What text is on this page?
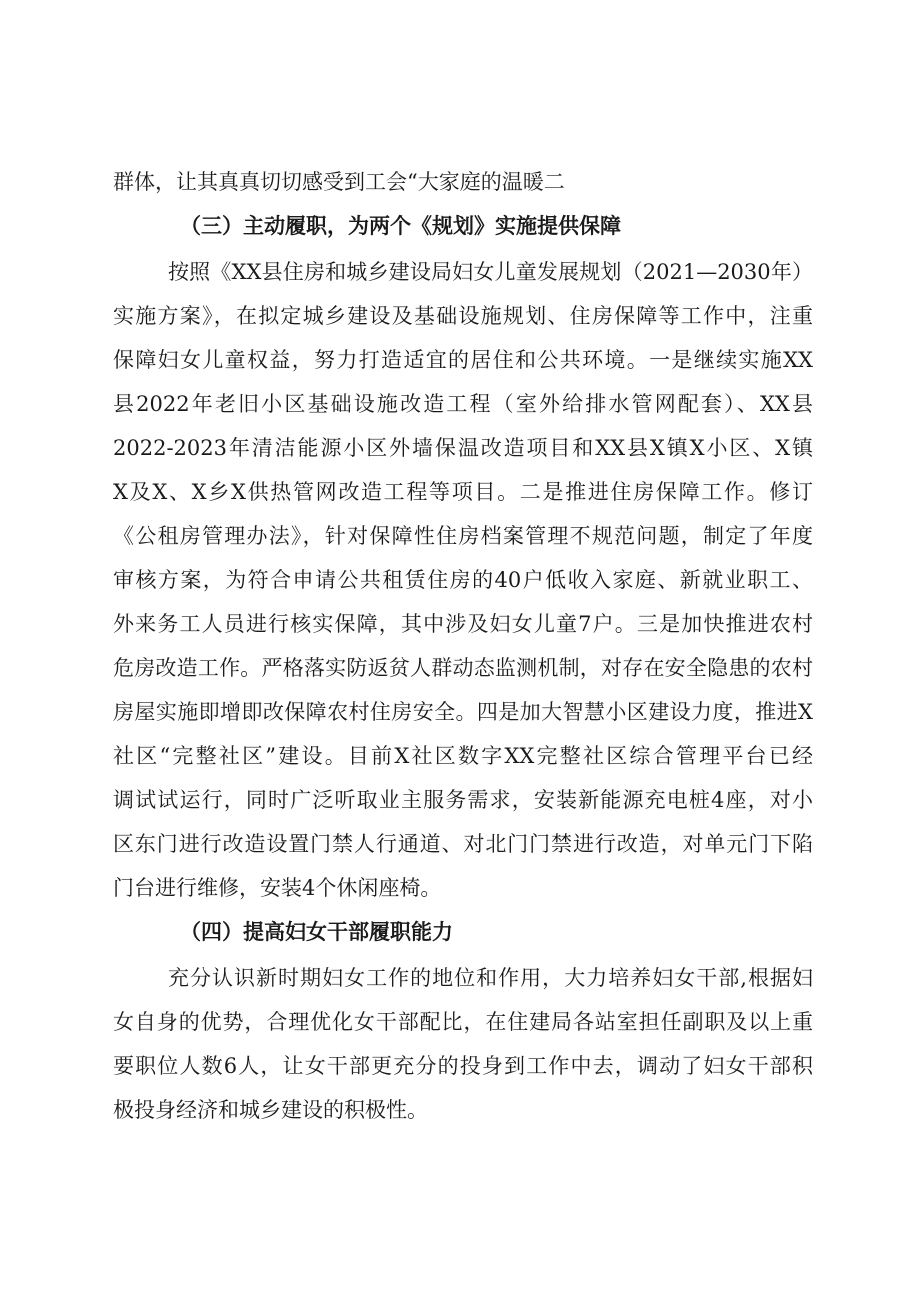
群体，让其真真切切感受到工会“大家庭的温暖二
（三）主动履职，为两个《规划》实施提供保障
按照《XX县住房和城乡建设局妇女儿童发展规划（2021—2030年）
实施方案》，在拟定城乡建设及基础设施规划、住房保障等工作中，注重
保障妇女儿童权益，努力打造适宜的居住和公共环境。一是继续实施XX
县2022年老旧小区基础设施改造工程（室外给排水管网配套）、XX县
2022-2023年清洁能源小区外墙保温改造项目和XX县X镇X小区、X镇
X及X、X乡X供热管网改造工程等项目。二是推进住房保障工作。修订
《公租房管理办法》，针对保障性住房档案管理不规范问题，制定了年度
审核方案，为符合申请公共租赁住房的40户低收入家庭、新就业职工、
外来务工人员进行核实保障，其中涉及妇女儿童7户。三是加快推进农村
危房改造工作。严格落实防返贫人群动态监测机制，对存在安全隐患的农村
房屋实施即增即改保障农村住房安全。四是加大智慧小区建设力度，推进X
社区“完整社区”建设。目前X社区数字XX完整社区综合管理平台已经
调试试运行，同时广泛听取业主服务需求，安装新能源充电桩4座，对小
区东门进行改造设置门禁人行通道、对北门门禁进行改造，对单元门下陷
门台进行维修，安装4个休闲座椅。
（四）提高妇女干部履职能力
充分认识新时期妇女工作的地位和作用，大力培养妇女干部,根据妇
女自身的优势，合理优化女干部配比，在住建局各站室担任副职及以上重
要职位人数6人，让女干部更充分的投身到工作中去，调动了妇女干部积
极投身经济和城乡建设的积极性。
